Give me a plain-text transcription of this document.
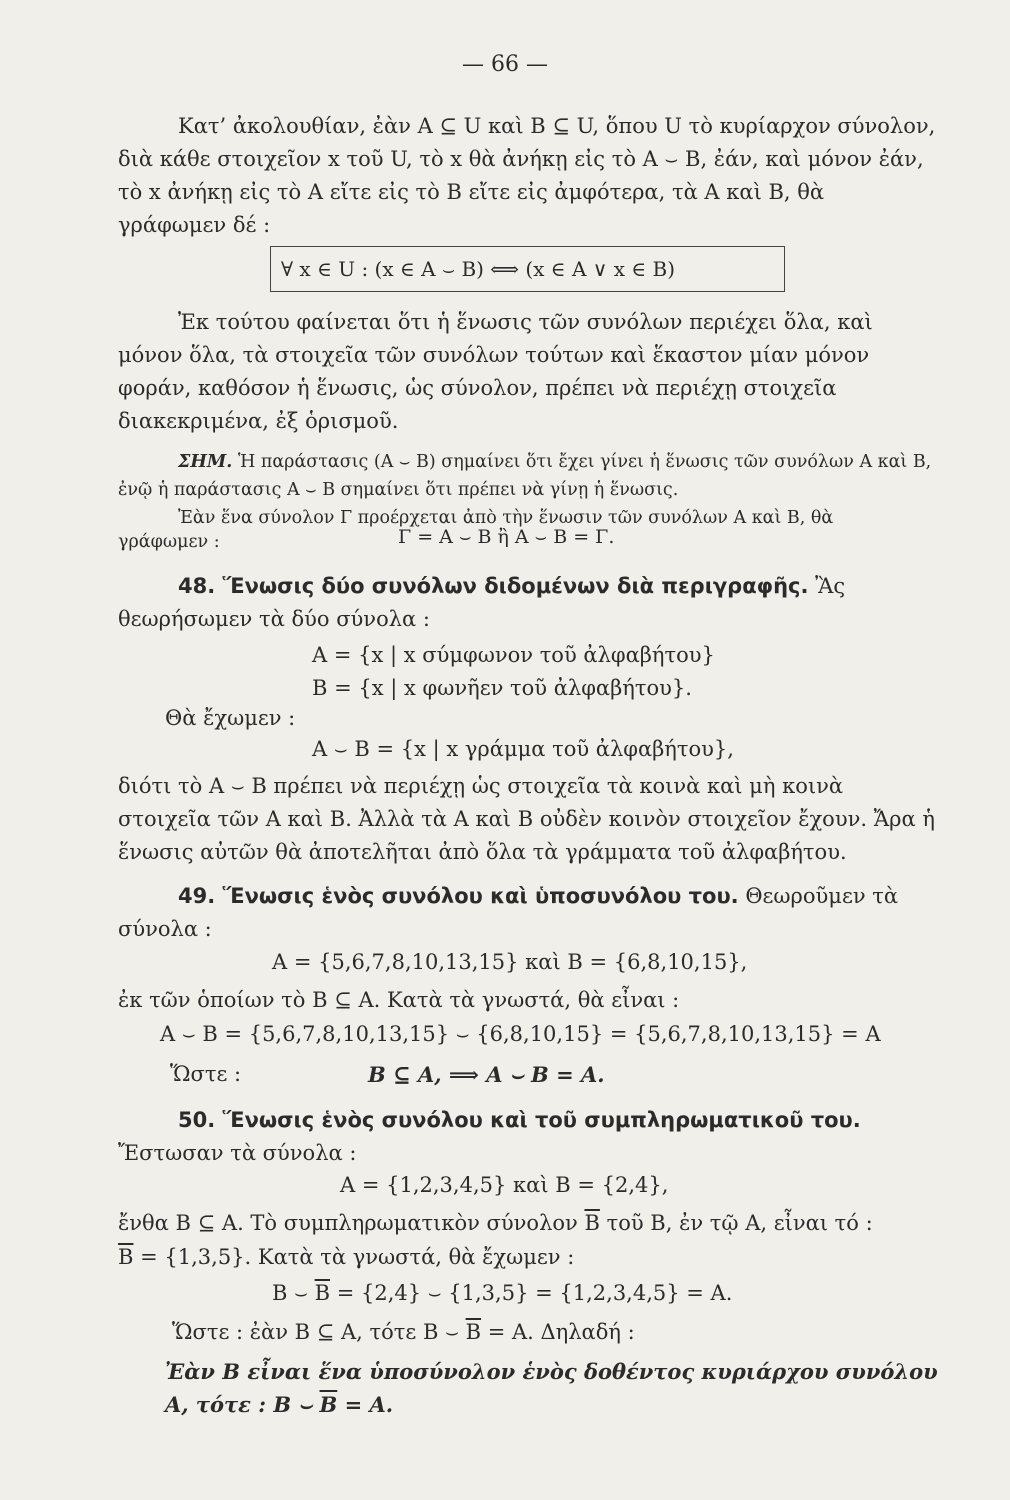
— 66 —

Κατ’ ἀκολουθίαν, ἐὰν A ⊆ U καὶ B ⊆ U, ὅπου U τὸ κυρίαρχον σύνολον, διὰ κάθε στοιχεῖον x τοῦ U, τὸ x θὰ ἀνήκῃ εἰς τὸ A ⌣ B, ἐάν, καὶ μόνον ἐάν, τὸ x ἀνήκῃ εἰς τὸ A εἴτε εἰς τὸ B εἴτε εἰς ἀμφότερα, τὰ A καὶ B, θὰ γράφωμεν δέ :

∀ x ∈ U : (x ∈ A ⌣ B) ⟺ (x ∈ A ∨ x ∈ B)

Ἐκ τούτου φαίνεται ὅτι ἡ ἕνωσις τῶν συνόλων περιέχει ὅλα, καὶ μόνον ὅλα, τὰ στοιχεῖα τῶν συνόλων τούτων καὶ ἕκαστον μίαν μόνον φοράν, καθόσον ἡ ἕνωσις, ὡς σύνολον, πρέπει νὰ περιέχῃ στοιχεῖα διακεκριμένα, ἐξ ὁρισμοῦ.

ΣΗΜ. Ἡ παράστασις (A ⌣ B) σημαίνει ὅτι ἔχει γίνει ἡ ἕνωσις τῶν συνόλων A καὶ B, ἐνῷ ἡ παράστασις A ⌣ B σημαίνει ὅτι πρέπει νὰ γίνῃ ἡ ἕνωσις.

Ἐὰν ἕνα σύνολον Γ προέρχεται ἀπὸ τὴν ἕνωσιν τῶν συνόλων A καὶ B, θὰ

γράφωμεν :	Γ = A ⌣ B ἢ A ⌣ B = Γ.

48. Ἕνωσις δύο συνόλων διδομένων διὰ περιγραφῆς. Ἂς θεωρήσωμεν τὰ δύο σύνολα :

A = {x | x σύμφωνον τοῦ ἀλφαβήτου}
B = {x | x φωνῆεν τοῦ ἀλφαβήτου}.
Θὰ ἔχωμεν :
A ⌣ B = {x | x γράμμα τοῦ ἀλφαβήτου},

διότι τὸ A ⌣ B πρέπει νὰ περιέχῃ ὡς στοιχεῖα τὰ κοινὰ καὶ μὴ κοινὰ στοιχεῖα τῶν A καὶ B. Ἀλλὰ τὰ A καὶ B οὐδὲν κοινὸν στοιχεῖον ἔχουν. Ἄρα ἡ ἕνωσις αὐτῶν θὰ ἀποτελῆται ἀπὸ ὅλα τὰ γράμματα τοῦ ἀλφαβήτου.

49. Ἕνωσις ἑνὸς συνόλου καὶ ὑποσυνόλου του. Θεωροῦμεν τὰ σύνολα :

A = {5,6,7,8,10,13,15} καὶ B = {6,8,10,15},
ἐκ τῶν ὁποίων τὸ B ⊆ A. Κατὰ τὰ γνωστά, θὰ εἶναι :
A ⌣ B = {5,6,7,8,10,13,15} ⌣ {6,8,10,15} = {5,6,7,8,10,13,15} = A
Ὥστε :	B ⊆ A, ⟹ A ⌣ B = A.

50. Ἕνωσις ἑνὸς συνόλου καὶ τοῦ συμπληρωματικοῦ του. Ἔστωσαν τὰ σύνολα :

A = {1,2,3,4,5} καὶ B = {2,4},
ἔνθα B ⊆ A. Τὸ συμπληρωματικὸν σύνολον $\overline{B}$ τοῦ B, ἐν τῷ A, εἶναι τό :
$\overline{B} = \{1,3,5\}$. Κατὰ τὰ γνωστά, θὰ ἔχωμεν :
B ⌣ $\overline{B} = \{2,4\}$ ⌣ {1,3,5} = {1,2,3,4,5} = A.
Ὥστε : ἐὰν B ⊆ A, τότε B ⌣ $\overline{B} = A$. Δηλαδή :

Ἐὰν B εἶναι ἕνα ὑποσύνολον ἑνὸς δοθέντος κυριάρχου συνόλου A, τότε : B ⌣ $\overline{B} = A$.
